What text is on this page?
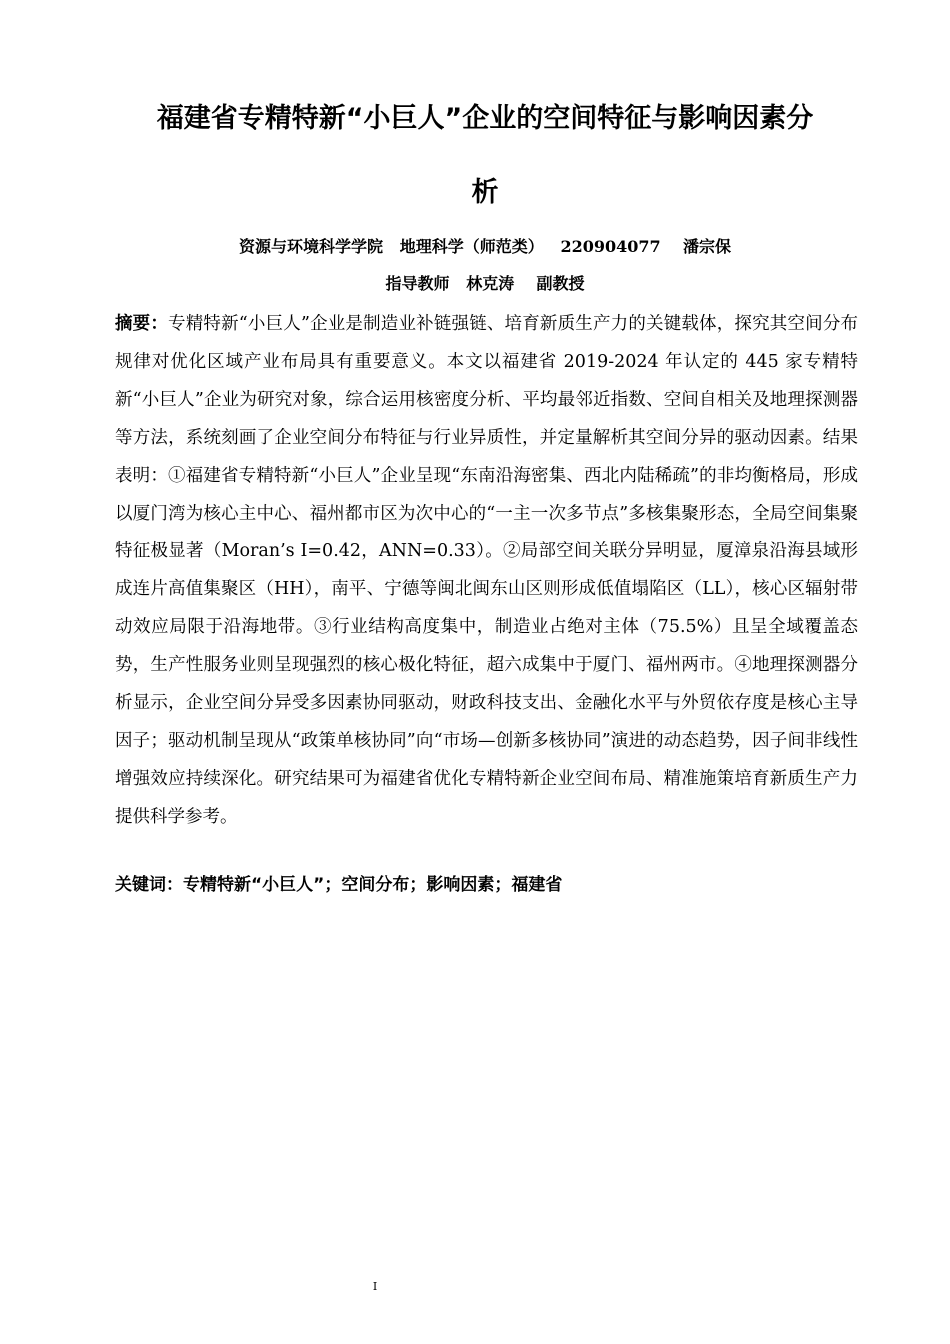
福建省专精特新“小巨人”企业的空间特征与影响因素分
析
资源与环境科学学院   地理科学（师范类）   220904077    潘宗保
指导教师   林克涛    副教授
摘要：专精特新“小巨人”企业是制造业补链强链、培育新质生产力的关键载体，探究其空间分布规律对优化区域产业布局具有重要意义。本文以福建省 2019-2024 年认定的 445 家专精特新“小巨人”企业为研究对象，综合运用核密度分析、平均最邻近指数、空间自相关及地理探测器等方法，系统刻画了企业空间分布特征与行业异质性，并定量解析其空间分异的驱动因素。结果表明：①福建省专精特新“小巨人”企业呈现“东南沿海密集、西北内陆稀疏”的非均衡格局，形成以厦门湾为核心主中心、福州都市区为次中心的“一主一次多节点”多核集聚形态，全局空间集聚特征极显著（Moran’s I=0.42，ANN=0.33）。②局部空间关联分异明显，厦漳泉沿海县域形成连片高值集聚区（HH），南平、宁德等闽北闽东山区则形成低值塌陷区（LL），核心区辐射带动效应局限于沿海地带。③行业结构高度集中，制造业占绝对主体（75.5%）且呈全域覆盖态势，生产性服务业则呈现强烈的核心极化特征，超六成集中于厦门、福州两市。④地理探测器分析显示，企业空间分异受多因素协同驱动，财政科技支出、金融化水平与外贸依存度是核心主导因子；驱动机制呈现从“政策单核协同”向“市场—创新多核协同”演进的动态趋势，因子间非线性增强效应持续深化。研究结果可为福建省优化专精特新企业空间布局、精准施策培育新质生产力提供科学参考。
关键词：专精特新“小巨人”；空间分布；影响因素；福建省
I
